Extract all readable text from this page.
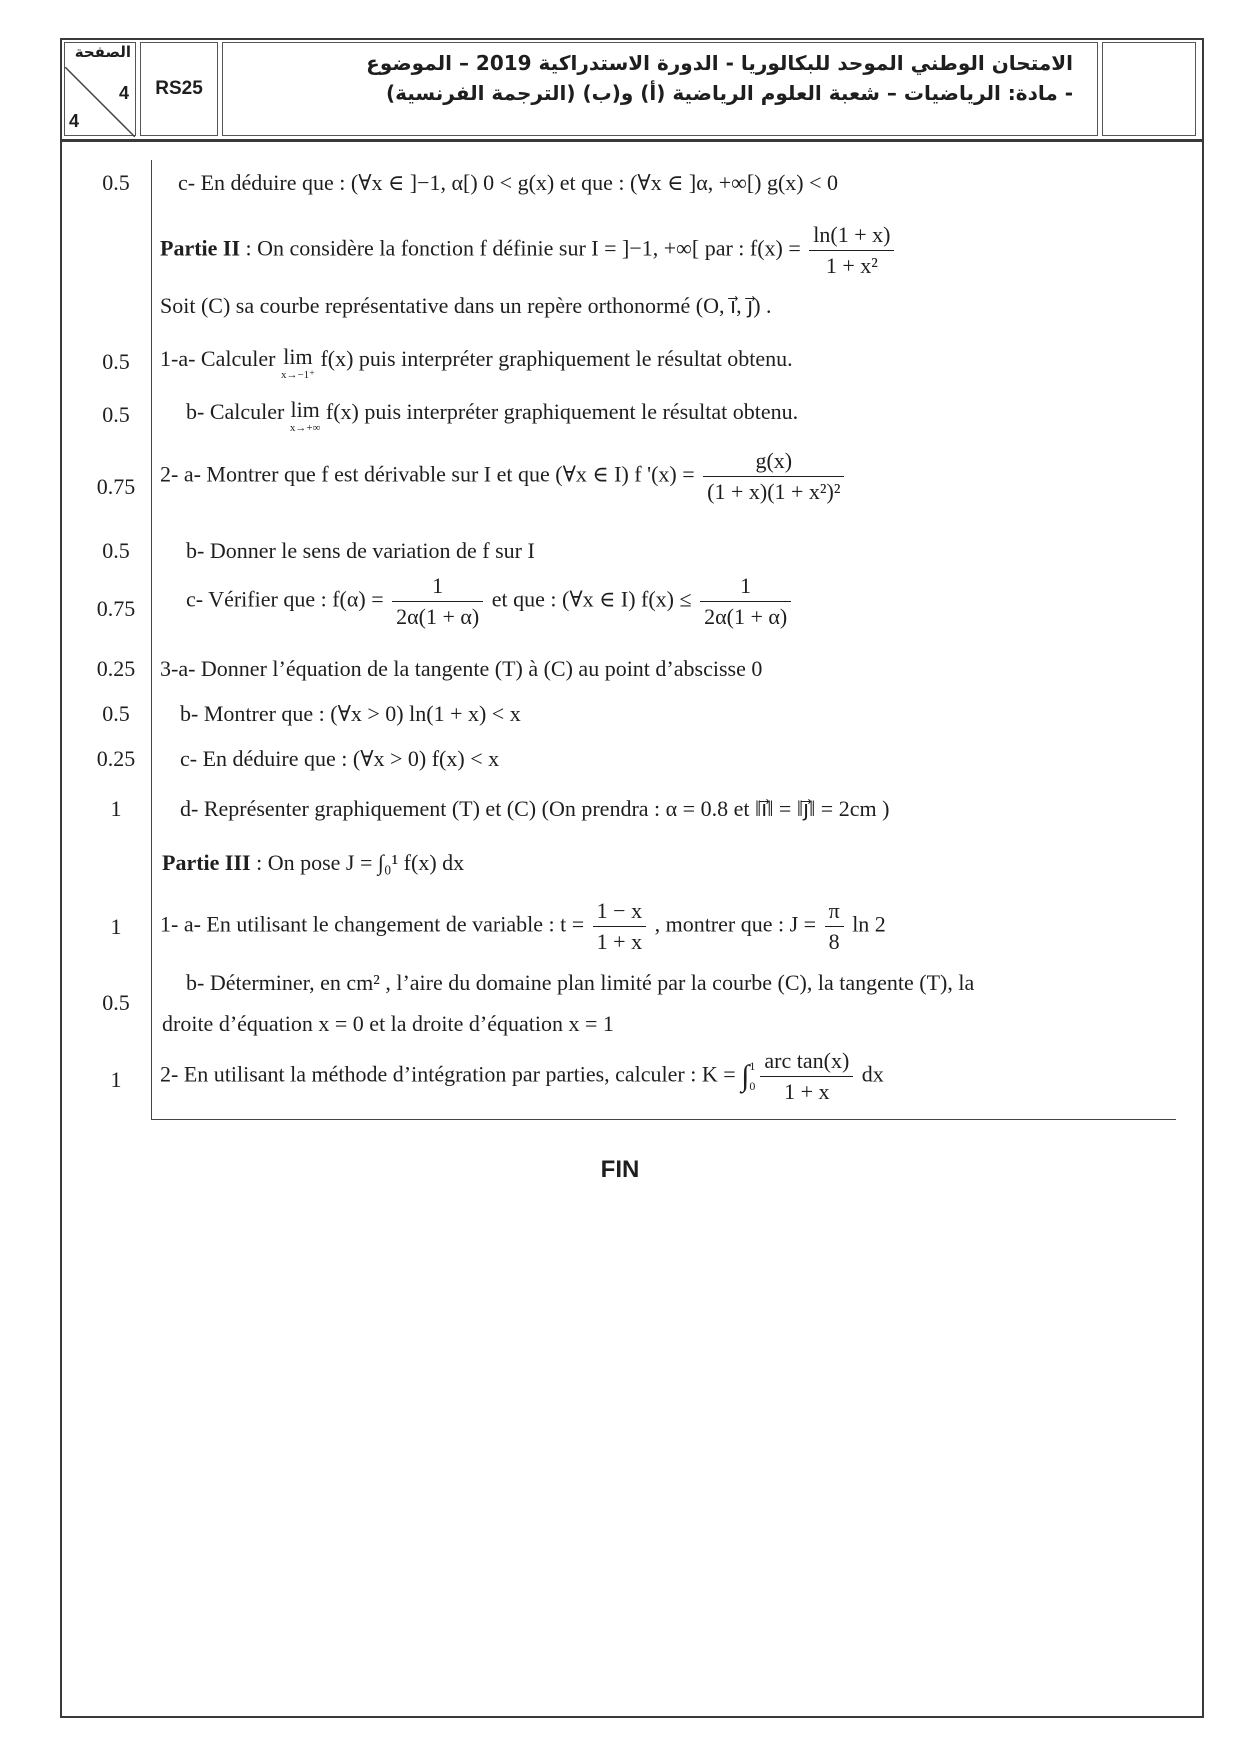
الصفحة
4
4
RS25
الامتحان الوطني الموحد للبكالوريا - الدورة الاستدراكية 2019 – الموضوع
- مادة: الرياضيات – شعبة العلوم الرياضية (أ) و(ب) (الترجمة الفرنسية)
0.5	c- En déduire que : (∀x ∈ ]−1, α[) 0 < g(x) et que : (∀x ∈ ]α, +∞[) g(x) < 0
Partie II : On considère la fonction f définie sur I = ]−1, +∞[ par : $f(x) = \frac{\ln(1 + x)}{\text{1 + x²}}$
Soit (C) sa courbe représentative dans un repère orthonormé (O, i⃗, j⃗) .
0.5	1-a- Calculer lim
x→−1⁺
f(x) puis interpréter graphiquement le résultat obtenu.
0.5	b- Calculer lim
x→+∞
f(x) puis interpréter graphiquement le résultat obtenu.
0.75	2- a- Montrer que f est dérivable sur I et que (∀x ∈ I) f '$(x) = \frac{g(x)}{\text{(1 + x)(1 + x²)²}}$
0.5	b- Donner le sens de variation de f sur I
0.75	c- Vérifier que : $f(\alpha) = \frac{1}{2\alpha(1 + \alpha)}$ et que : (∀x ∈ I) $f(x) \le \frac{1}{2\alpha(1 + \alpha)}$
0.25	3-a- Donner l’équation de la tangente (T) à (C) au point d’abscisse 0
0.5	b- Montrer que : (∀x > 0) ln(1 + x) < x
0.25	c- En déduire que : (∀x > 0) f(x) < x
1	d- Représenter graphiquement (T) et (C) (On prendra : α = 0.8 et ‖i⃗‖ = ‖j⃗‖ = 2cm )
Partie III : On pose J = ∫₀¹ f(x) dx
1	1- a- En utilisant le changement de variable : $t = \frac{1 - x}{1 + x}$ , montrer que : $J = \frac{\pi}{8}$ ln 2
0.5
b- Déterminer, en cm² , l’aire du domaine plan limité par la courbe (C), la tangente (T), la
droite d’équation x = 0 et la droite d’équation x = 1
1	2- En utilisant la méthode d’intégration par parties, calculer : K = ∫ 1
$0 \frac{\text{arc tan(x)}}{1 + x}$ dx
FIN
